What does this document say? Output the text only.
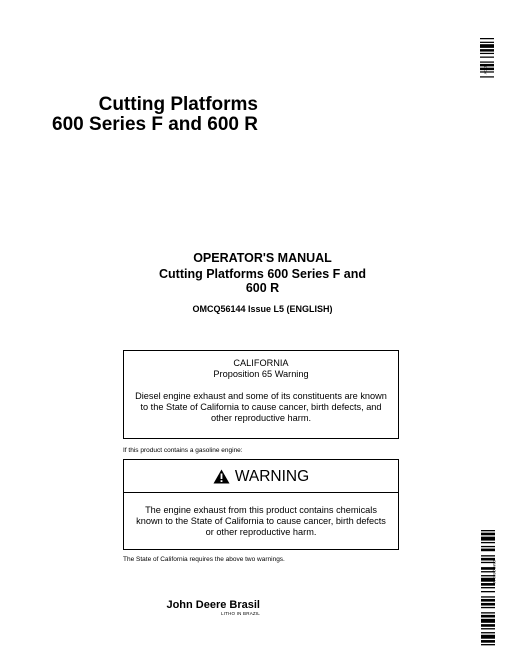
DCY
Cutting Platforms
600 Series F and 600 R
OPERATOR'S MANUAL
Cutting Platforms 600 Series F and
600 R
OMCQ56144 Issue L5 (ENGLISH)
CALIFORNIA
Proposition 65 Warning
Diesel engine exhaust and some of its constituents are known to the State of California to cause cancer, birth defects, and other reproductive harm.
If this product contains a gasoline engine:
WARNING
The engine exhaust from this product contains chemicals known to the State of California to cause cancer, birth defects or other reproductive harm.
The State of California requires the above two warnings.
OMCQ56144
John Deere Brasil
LITHO IN BRAZIL
